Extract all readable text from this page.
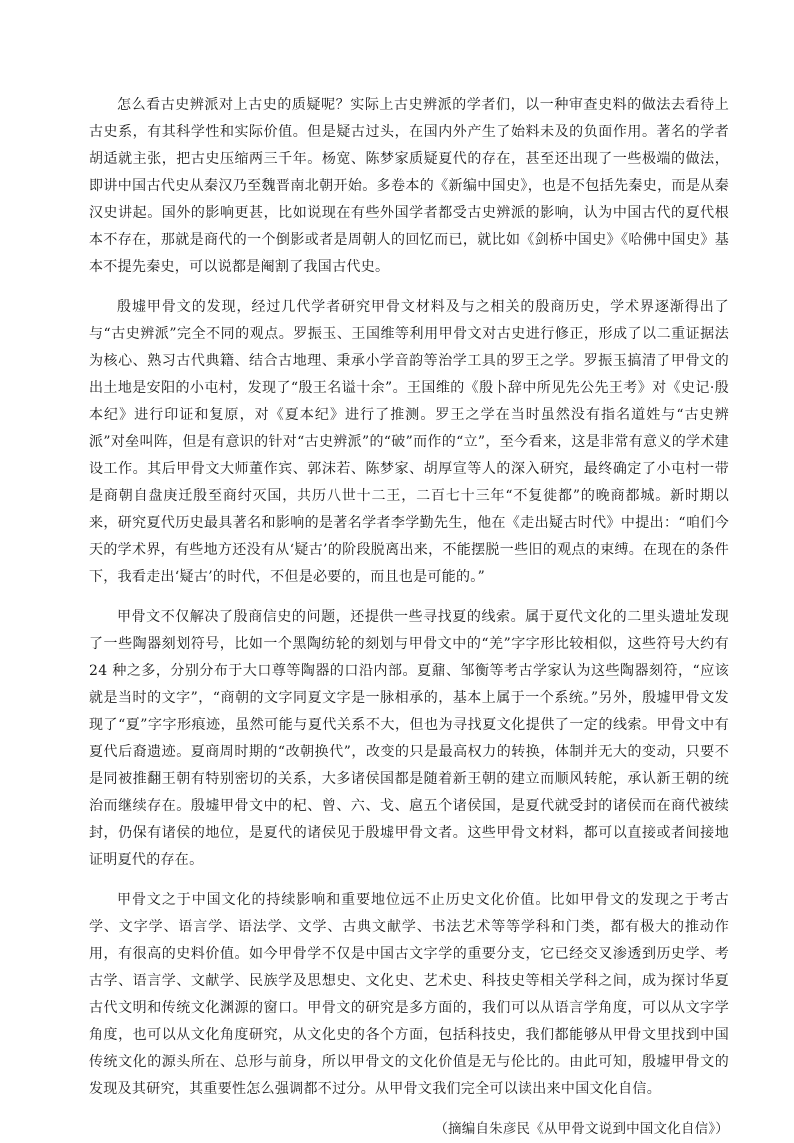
怎么看古史辨派对上古史的质疑呢？实际上古史辨派的学者们，以一种审查史料的做法去看待上古史系，有其科学性和实际价值。但是疑古过头，在国内外产生了始料未及的负面作用。著名的学者胡适就主张，把古史压缩两三千年。杨宽、陈梦家质疑夏代的存在，甚至还出现了一些极端的做法，即讲中国古代史从秦汉乃至魏晋南北朝开始。多卷本的《新编中国史》，也是不包括先秦史，而是从秦汉史讲起。国外的影响更甚，比如说现在有些外国学者都受古史辨派的影响，认为中国古代的夏代根本不存在，那就是商代的一个倒影或者是周朝人的回忆而已，就比如《剑桥中国史》《哈佛中国史》基本不提先秦史，可以说都是阉割了我国古代史。

殷墟甲骨文的发现，经过几代学者研究甲骨文材料及与之相关的殷商历史，学术界逐渐得出了与“古史辨派”完全不同的观点。罗振玉、王国维等利用甲骨文对古史进行修正，形成了以二重证据法为核心、熟习古代典籍、结合古地理、秉承小学音韵等治学工具的罗王之学。罗振玉搞清了甲骨文的出土地是安阳的小屯村，发现了“殷王名谥十余”。王国维的《殷卜辞中所见先公先王考》对《史记·殷本纪》进行印证和复原，对《夏本纪》进行了推测。罗王之学在当时虽然没有指名道姓与“古史辨派”对垒叫阵，但是有意识的针对“古史辨派”的“破”而作的“立”，至今看来，这是非常有意义的学术建设工作。其后甲骨文大师董作宾、郭沫若、陈梦家、胡厚宣等人的深入研究，最终确定了小屯村一带是商朝自盘庚迁殷至商纣灭国，共历八世十二王，二百七十三年“不复徙都”的晚商都城。新时期以来，研究夏代历史最具著名和影响的是著名学者李学勤先生，他在《走出疑古时代》中提出：“咱们今天的学术界，有些地方还没有从‘疑古’的阶段脱离出来，不能摆脱一些旧的观点的束缚。在现在的条件下，我看走出‘疑古’的时代，不但是必要的，而且也是可能的。”

甲骨文不仅解决了殷商信史的问题，还提供一些寻找夏的线索。属于夏代文化的二里头遗址发现了一些陶器刻划符号，比如一个黑陶纺轮的刻划与甲骨文中的“羌”字字形比较相似，这些符号大约有 24 种之多，分别分布于大口尊等陶器的口沿内部。夏鼐、邹衡等考古学家认为这些陶器刻符，“应该就是当时的文字”，“商朝的文字同夏文字是一脉相承的，基本上属于一个系统。”另外，殷墟甲骨文发现了“夏”字字形痕迹，虽然可能与夏代关系不大，但也为寻找夏文化提供了一定的线索。甲骨文中有夏代后裔遗迹。夏商周时期的“改朝换代”，改变的只是最高权力的转换，体制并无大的变动，只要不是同被推翻王朝有特别密切的关系，大多诸侯国都是随着新王朝的建立而顺风转舵，承认新王朝的统治而继续存在。殷墟甲骨文中的杞、曾、六、戈、扈五个诸侯国，是夏代就受封的诸侯而在商代被续封，仍保有诸侯的地位，是夏代的诸侯见于殷墟甲骨文者。这些甲骨文材料，都可以直接或者间接地证明夏代的存在。

甲骨文之于中国文化的持续影响和重要地位远不止历史文化价值。比如甲骨文的发现之于考古学、文字学、语言学、语法学、文学、古典文献学、书法艺术等等学科和门类，都有极大的推动作用，有很高的史料价值。如今甲骨学不仅是中国古文字学的重要分支，它已经交叉渗透到历史学、考古学、语言学、文献学、民族学及思想史、文化史、艺术史、科技史等相关学科之间，成为探讨华夏古代文明和传统文化渊源的窗口。甲骨文的研究是多方面的，我们可以从语言学角度，可以从文字学角度，也可以从文化角度研究，从文化史的各个方面，包括科技史，我们都能够从甲骨文里找到中国传统文化的源头所在、总形与前身，所以甲骨文的文化价值是无与伦比的。由此可知，殷墟甲骨文的发现及其研究，其重要性怎么强调都不过分。从甲骨文我们完全可以读出来中国文化自信。

（摘编自朱彦民《从甲骨文说到中国文化自信》）
